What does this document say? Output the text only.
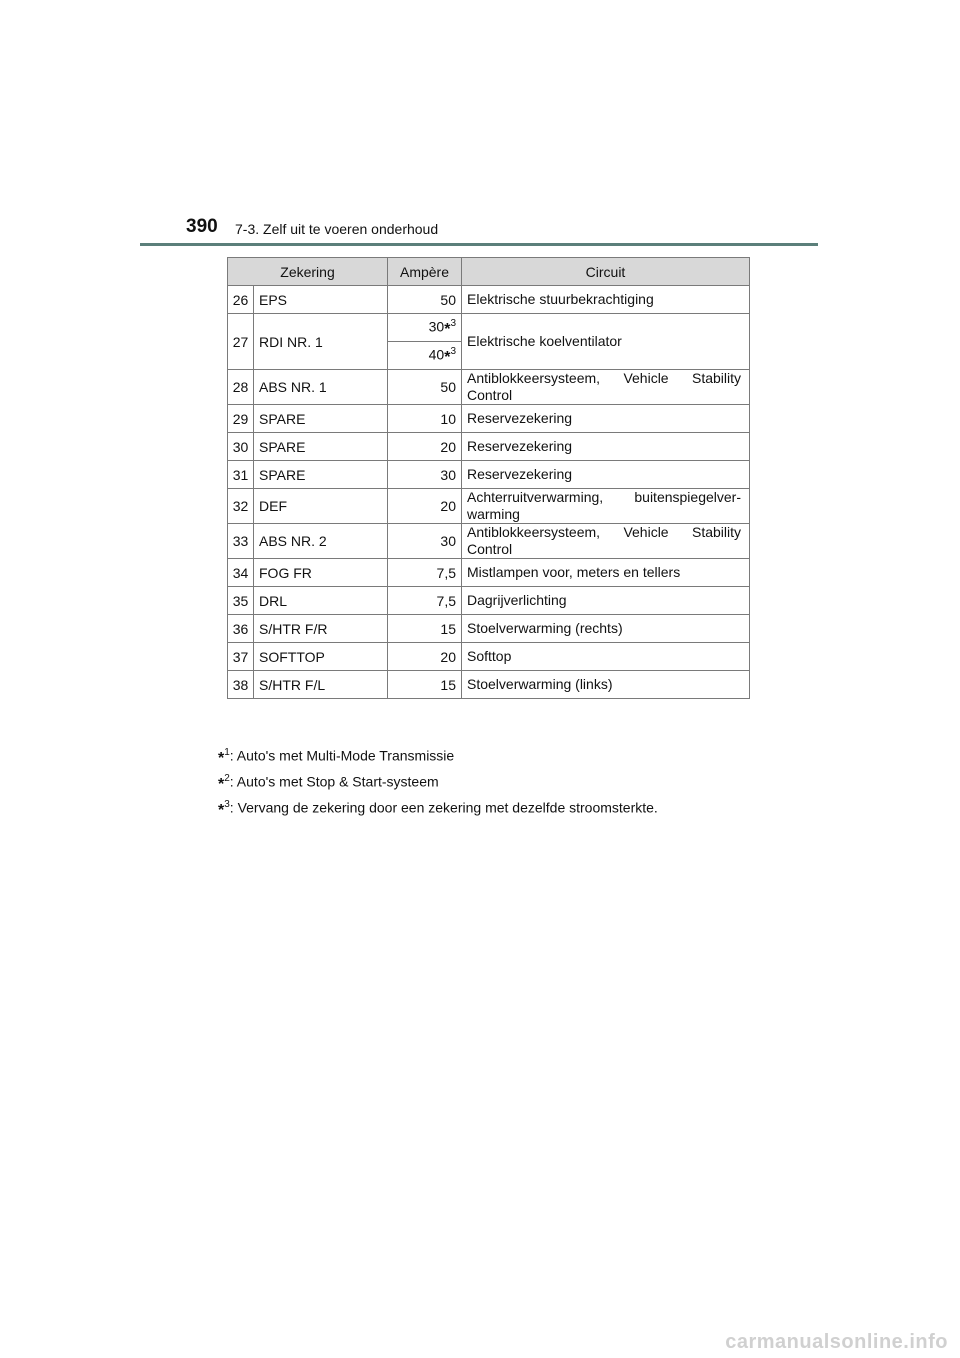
390 7-3. Zelf uit te voeren onderhoud
Zekering		Ampère	Circuit
26	EPS	50	Elektrische stuurbekrachtiging
27	RDI NR. 1	30*$^3$	Elektrische koelventilator
		40*$^3$
28	ABS NR. 1	50	Antiblokkeersysteem, Vehicle Stability Control
29	SPARE	10	Reservezekering
30	SPARE	20	Reservezekering
31	SPARE	30	Reservezekering
32	DEF	20	Achterruitverwarming, buitenspiegelver-warming
33	ABS NR. 2	30	Antiblokkeersysteem, Vehicle Stability Control
34	FOG FR	7,5	Mistlampen voor, meters en tellers
35	DRL	7,5	Dagrijverlichting
36	S/HTR F/R	15	Stoelverwarming (rechts)
37	SOFTTOP	20	Softtop
38	S/HTR F/L	15	Stoelverwarming (links)
*$^1$: Auto's met Multi-Mode Transmissie
*$^2$: Auto's met Stop & Start-systeem
*$^3$: Vervang de zekering door een zekering met dezelfde stroomsterkte.
carmanualsonline.info
